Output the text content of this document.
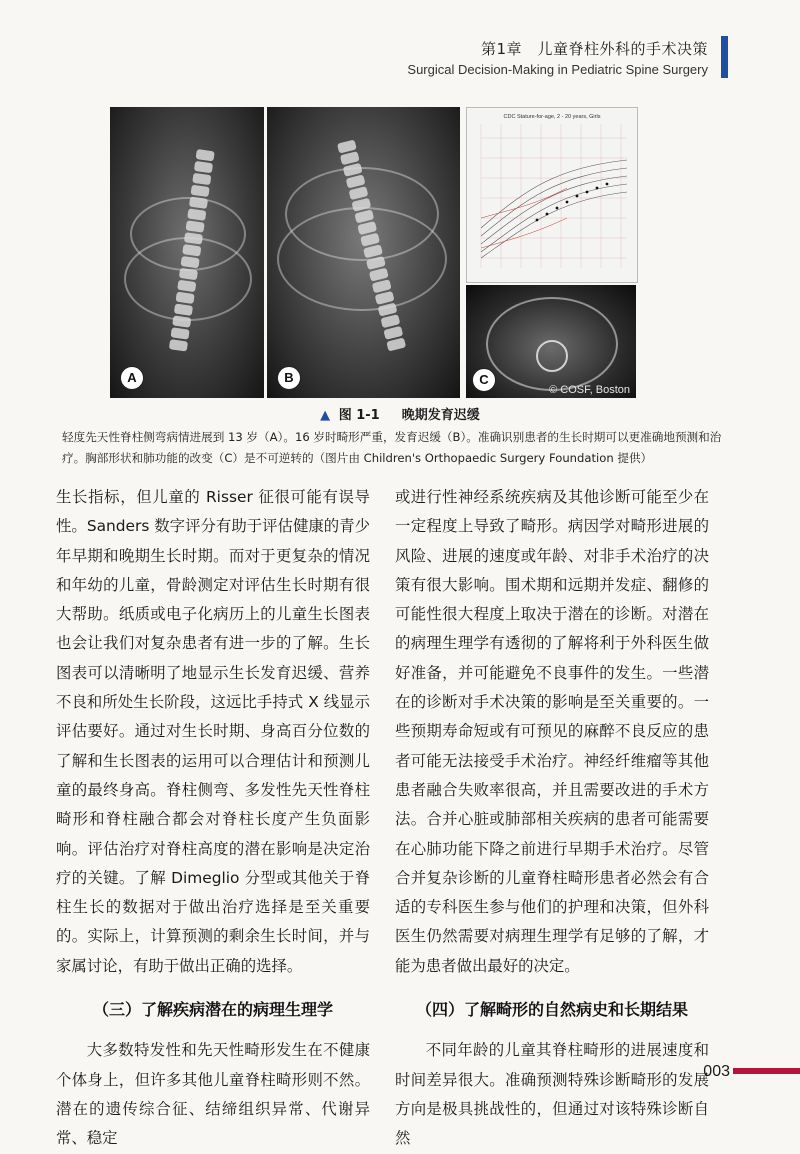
第1章　儿童脊柱外科的手术决策
Surgical Decision-Making in Pediatric Spine Surgery
A	B
CDC Stature-for-age, 2 - 20 years, Girls
C
© COSF, Boston
▲ 图 1-1 　 晚期发育迟缓

轻度先天性脊柱侧弯病情进展到 13 岁（A）。16 岁时畸形严重，发育迟缓（B）。准确识别患者的生长时期可以更准确地预测和治疗。胸部形状和肺功能的改变（C）是不可逆转的（图片由 Children's Orthopaedic Surgery Foundation 提供）

生长指标，但儿童的 Risser 征很可能有误导性。Sanders 数字评分有助于评估健康的青少年早期和晚期生长时期。而对于更复杂的情况和年幼的儿童，骨龄测定对评估生长时期有很大帮助。纸质或电子化病历上的儿童生长图表也会让我们对复杂患者有进一步的了解。生长图表可以清晰明了地显示生长发育迟缓、营养不良和所处生长阶段，这远比手持式 X 线显示评估要好。通过对生长时期、身高百分位数的了解和生长图表的运用可以合理估计和预测儿童的最终身高。脊柱侧弯、多发性先天性脊柱畸形和脊柱融合都会对脊柱长度产生负面影响。评估治疗对脊柱高度的潜在影响是决定治疗的关键。了解 Dimeglio 分型或其他关于脊柱生长的数据对于做出治疗选择是至关重要的。实际上，计算预测的剩余生长时间，并与家属讨论，有助于做出正确的选择。

（三）了解疾病潜在的病理生理学

大多数特发性和先天性畸形发生在不健康个体身上，但许多其他儿童脊柱畸形则不然。潜在的遗传综合征、结缔组织异常、代谢异常、稳定

或进行性神经系统疾病及其他诊断可能至少在一定程度上导致了畸形。病因学对畸形进展的风险、进展的速度或年龄、对非手术治疗的决策有很大影响。围术期和远期并发症、翻修的可能性很大程度上取决于潜在的诊断。对潜在的病理生理学有透彻的了解将利于外科医生做好准备，并可能避免不良事件的发生。一些潜在的诊断对手术决策的影响是至关重要的。一些预期寿命短或有可预见的麻醉不良反应的患者可能无法接受手术治疗。神经纤维瘤等其他患者融合失败率很高，并且需要改进的手术方法。合并心脏或肺部相关疾病的患者可能需要在心肺功能下降之前进行早期手术治疗。尽管合并复杂诊断的儿童脊柱畸形患者必然会有合适的专科医生参与他们的护理和决策，但外科医生仍然需要对病理生理学有足够的了解，才能为患者做出最好的决定。

（四）了解畸形的自然病史和长期结果

不同年龄的儿童其脊柱畸形的进展速度和时间差异很大。准确预测特殊诊断畸形的发展方向是极具挑战性的，但通过对该特殊诊断自然

003
